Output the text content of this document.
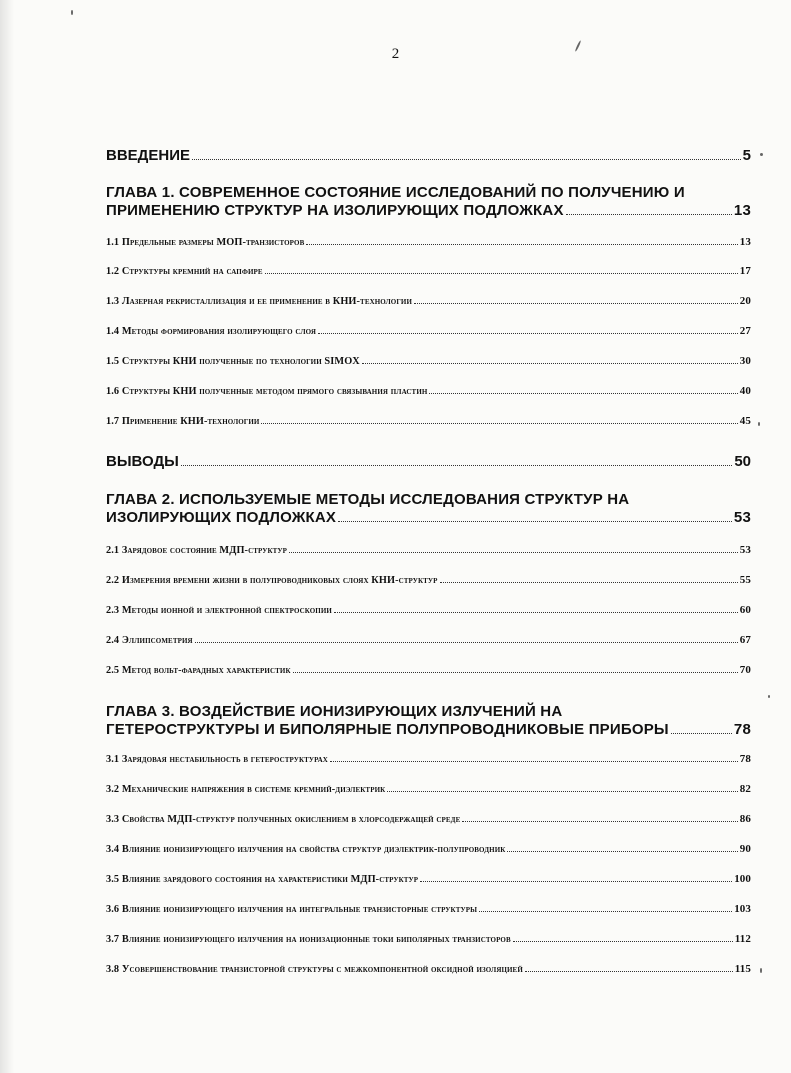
2
ВВЕДЕНИЕ	5
ГЛАВА 1. СОВРЕМЕННОЕ СОСТОЯНИЕ ИССЛЕДОВАНИЙ ПО ПОЛУЧЕНИЮ И
ПРИМЕНЕНИЮ СТРУКТУР НА ИЗОЛИРУЮЩИХ ПОДЛОЖКАХ	13
1.1 Предельные размеры МОП-транзисторов	13
1.2 Структуры кремний на сапфире	17
1.3 Лазерная рекристаллизация и ее применение в КНИ-технологии	20
1.4 Методы формирования изолирующего слоя	27
1.5 Структуры КНИ полученные по технологии SIMOX	30
1.6 Структуры КНИ полученные методом прямого связывания пластин	40
1.7 Применение КНИ-технологии	45
ВЫВОДЫ	50
ГЛАВА 2. ИСПОЛЬЗУЕМЫЕ МЕТОДЫ ИССЛЕДОВАНИЯ СТРУКТУР НА
ИЗОЛИРУЮЩИХ ПОДЛОЖКАХ	53
2.1 Зарядовое состояние МДП-структур	53
2.2 Измерения времени жизни в полупроводниковых слоях КНИ-структур	55
2.3 Методы ионной и электронной спектроскопии	60
2.4 Эллипсометрия	67
2.5 Метод вольт-фарадных характеристик	70
ГЛАВА 3. ВОЗДЕЙСТВИЕ ИОНИЗИРУЮЩИХ ИЗЛУЧЕНИЙ НА
ГЕТЕРОСТРУКТУРЫ И БИПОЛЯРНЫЕ ПОЛУПРОВОДНИКОВЫЕ ПРИБОРЫ	78
3.1 Зарядовая нестабильность в гетероструктурах	78
3.2 Механические напряжения в системе кремний-диэлектрик	82
3.3 Свойства МДП-структур полученных окислением в хлорсодержащей среде	86
3.4 Влияние ионизирующего излучения на свойства структур диэлектрик-полупроводник	90
3.5 Влияние зарядового состояния на характеристики МДП-структур	100
3.6 Влияние ионизирующего излучения на интегральные транзисторные структуры	103
3.7 Влияние ионизирующего излучения на ионизационные токи биполярных транзисторов	112
3.8 Усовершенствование транзисторной структуры с межкомпонентной оксидной изоляцией	115
